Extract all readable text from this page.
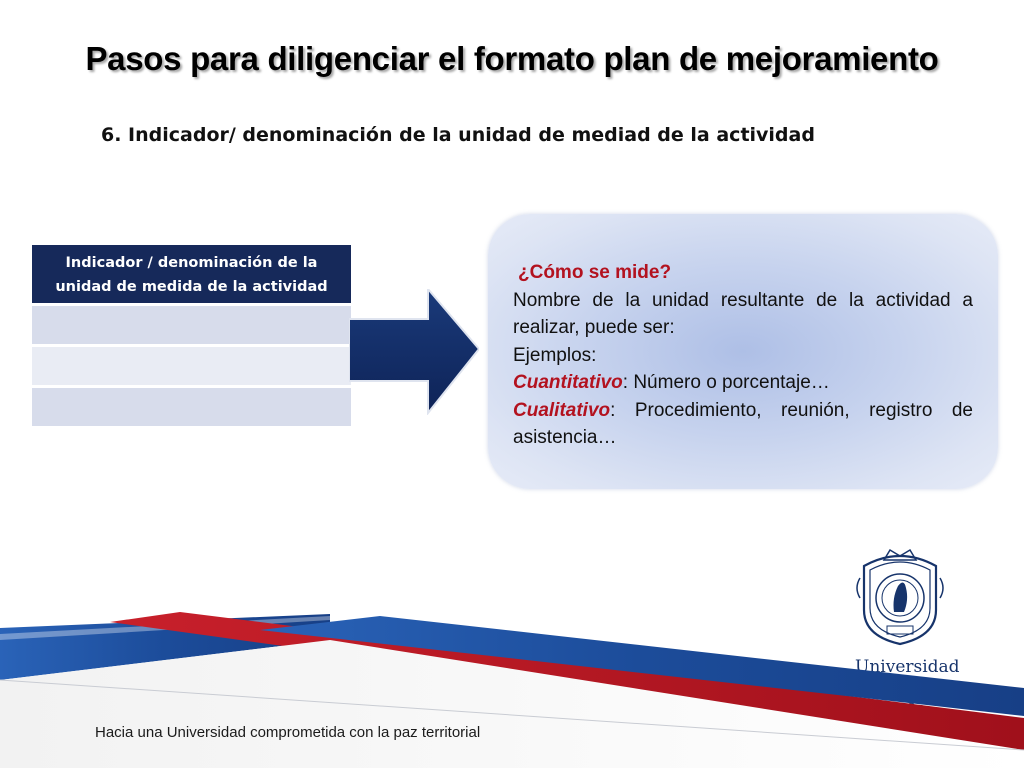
Pasos para diligenciar el formato plan de mejoramiento
6. Indicador/ denominación de la unidad de mediad de la actividad
Indicador / denominación de la
unidad de medida de la actividad
¿Cómo se mide?
Nombre de la unidad resultante de la actividad a realizar, puede ser:
Ejemplos:
Cuantitativo: Número o porcentaje…
Cualitativo: Procedimiento, reunión, registro de asistencia…
Universidad
Hacia una Universidad comprometida con la paz territorial
